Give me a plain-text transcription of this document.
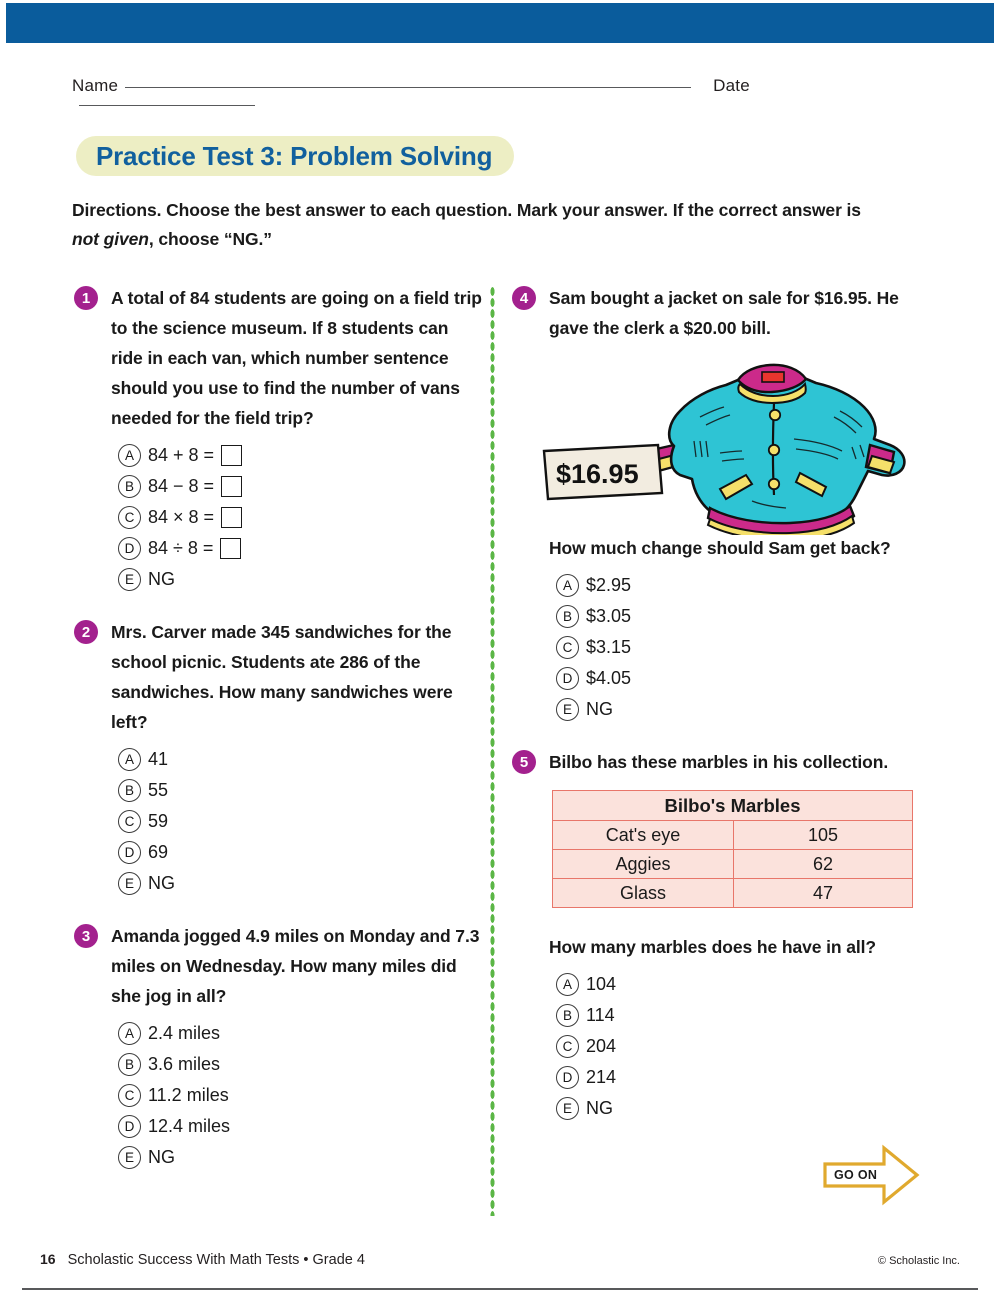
Name	Date
Practice Test 3: Problem Solving
Directions. Choose the best answer to each question. Mark your answer. If the correct answer is not given, choose “NG.”
1	A total of 84 students are going on a field trip to the science museum. If 8 students can ride in each van, which number sentence should you use to find the number of vans needed for the field trip?
A 84 + 8 =
B 84 − 8 =
C 84 × 8 =
D 84 ÷ 8 =
E NG
2	Mrs. Carver made 345 sandwiches for the school picnic. Students ate 286 of the sandwiches. How many sandwiches were left?
A 41
B 55
C 59
D 69
E NG
3	Amanda jogged 4.9 miles on Monday and 7.3 miles on Wednesday. How many miles did she jog in all?
A 2.4 miles
B 3.6 miles
C 11.2 miles
D 12.4 miles
E NG
4	Sam bought a jacket on sale for $16.95. He gave the clerk a $20.00 bill.
$16.95
How much change should Sam get back?
A $2.95
B $3.05
C $3.15
D $4.05
E NG
5	Bilbo has these marbles in his collection.
Bilbo's Marbles	
Cat's eye	105
Aggies	62
Glass	47
How many marbles does he have in all?
A 104
B 114
C 204
D 214
E NG
GO ON
16 Scholastic Success With Math Tests • Grade 4	© Scholastic Inc.
